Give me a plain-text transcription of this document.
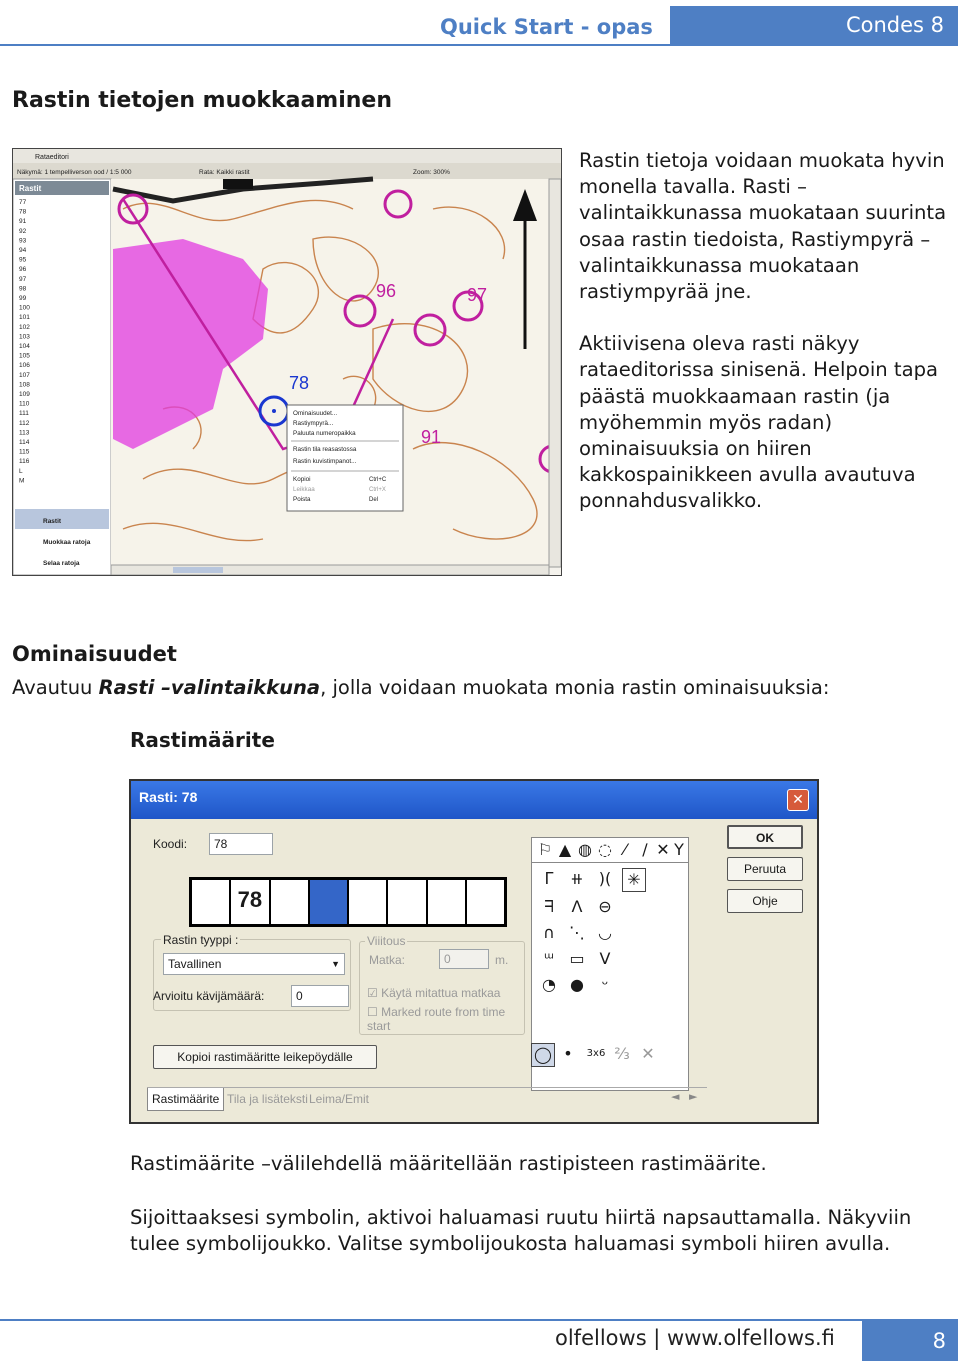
Quick Start - opas	Condes 8
Rastin tietojen muokkaaminen
Rataeditori
Näkymä: 1 tempelliverson ood / 1:5 000	Rata: Kaikki rastit	Zoom: 300%
Rastit
77
78
91
92
93
94
95
96
97
98
99
100
101
102
103
104
105
106
107
108
109
110
111
112
113
114
115
116
L
M
Rastit
Muokkaa ratoja
Selaa ratoja
96	97
78
91
Ominaisuudet...
Rastiympyrä...
Paluuta numeropaikka
Rastin tila reasastossa
Rastin kuvistimpanot...
Kopioi
Leikkaa
Poista
Ctrl+C
Ctrl+X
Del

Rastin tietoja voidaan muokata hyvin monella tavalla. Rasti –valintaikkunassa muokataan suurinta osaa rastin tiedoista, Rastiympyrä –valintaikkunassa muokataan rastiympyrää jne.

Aktiivisena oleva rasti näkyy rataeditorissa sinisenä. Helpoin tapa päästä muokkaamaan rastin (ja myöhemmin myös radan) ominaisuuksia on hiiren kakkospainikkeen avulla avautuva ponnahdusvalikko.

Ominaisuudet
Avautuu Rasti –valintaikkuna, jolla voidaan muokata monia rastin ominaisuuksia:
Rastimäärite
Rasti: 78	✕
Koodi:	78
78
Rastin tyyppi :
Tavallinen	▼
Arvioitu kävijämäärä:	0
Viiitous
Matka:	0	m.
☑ Käytä mitattua matkaa
☐ Marked route from time start
Kopioi rastimääritte leikepöydälle
OK
Peruuta
Ohje
⚐ ▲ ◍ ◌ ⁄ ∕ ✕ Y
ᒥ	⧺ )(	✳
ᖷ	Λ ⊖
∩ ⋱ ◡
ᵚ ▭ V
◔ ●	ᵕ
◯ •	3x6 ⅔ ✕
Rastimäärite Tila ja lisäteksti Leima/Emit	◄ ►
Rastimäärite –välilehdellä määritellään rastipisteen rastimäärite.
Sijoittaaksesi symbolin, aktivoi haluamasi ruutu hiirtä napsauttamalla. Näkyviin tulee symbolijoukko. Valitse symbolijoukosta haluamasi symboli hiiren avulla.
olfellows | www.olfellows.fi	8
